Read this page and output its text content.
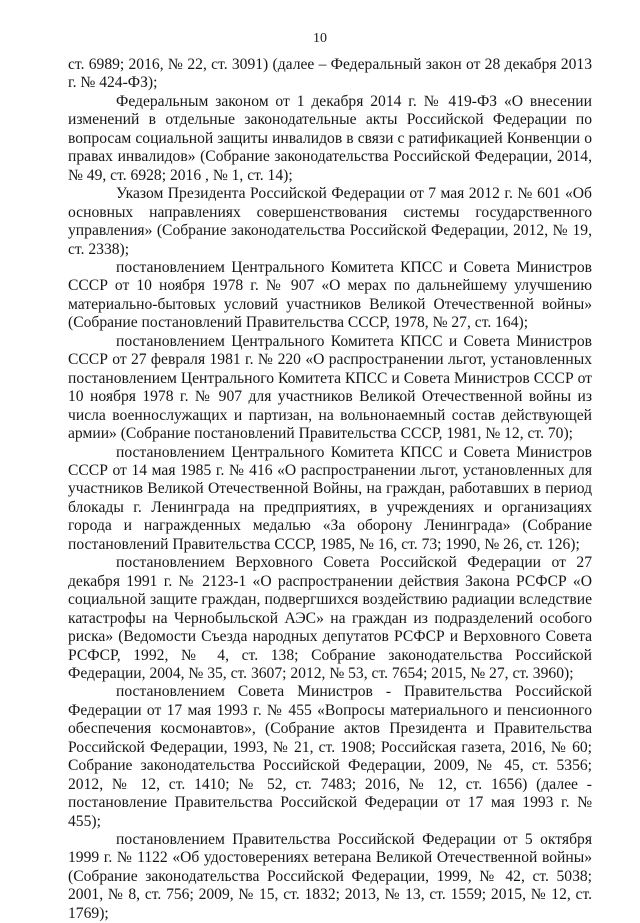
10

ст. 6989; 2016, № 22, ст. 3091) (далее – Федеральный закон от 28 декабря 2013 г. № 424-ФЗ);

Федеральным законом от 1 декабря 2014 г. № 419-ФЗ «О внесении изменений в отдельные законодательные акты Российской Федерации по вопросам социальной защиты инвалидов в связи с ратификацией Конвенции о правах инвалидов» (Собрание законодательства Российской Федерации, 2014, № 49, ст. 6928; 2016 , № 1, ст. 14);

Указом Президента Российской Федерации от 7 мая 2012 г. № 601 «Об основных направлениях совершенствования системы государственного управления» (Собрание законодательства Российской Федерации, 2012, № 19, ст. 2338);

постановлением Центрального Комитета КПСС и Совета Министров СССР от 10 ноября 1978 г. № 907 «О мерах по дальнейшему улучшению материально-бытовых условий участников Великой Отечественной войны» (Собрание постановлений Правительства СССР, 1978, № 27, ст. 164);

постановлением Центрального Комитета КПСС и Совета Министров СССР от 27 февраля 1981 г. № 220 «О распространении льгот, установленных постановлением Центрального Комитета КПСС и Совета Министров СССР от 10 ноября 1978 г. № 907 для участников Великой Отечественной войны из числа военнослужащих и партизан, на вольнонаемный состав действующей армии» (Собрание постановлений Правительства СССР, 1981, № 12, ст. 70);

постановлением Центрального Комитета КПСС и Совета Министров СССР от 14 мая 1985 г. № 416 «О распространении льгот, установленных для участников Великой Отечественной Войны, на граждан, работавших в период блокады г. Ленинграда на предприятиях, в учреждениях и организациях города и награжденных медалью «За оборону Ленинграда» (Собрание постановлений Правительства СССР, 1985, № 16, ст. 73; 1990, № 26, ст. 126);

постановлением Верховного Совета Российской Федерации от 27 декабря 1991 г. № 2123-1 «О распространении действия Закона РСФСР «О социальной защите граждан, подвергшихся воздействию радиации вследствие катастрофы на Чернобыльской АЭС» на граждан из подразделений особого риска» (Ведомости Съезда народных депутатов РСФСР и Верховного Совета РСФСР, 1992, № 4, ст. 138; Собрание законодательства Российской Федерации, 2004, № 35, ст. 3607; 2012, № 53, ст. 7654; 2015, № 27, ст. 3960);

постановлением Совета Министров - Правительства Российской Федерации от 17 мая 1993 г. № 455 «Вопросы материального и пенсионного обеспечения космонавтов», (Собрание актов Президента и Правительства Российской Федерации, 1993, № 21, ст. 1908; Российская газета, 2016, № 60; Собрание законодательства Российской Федерации, 2009, № 45, ст. 5356; 2012, № 12, ст. 1410; № 52, ст. 7483; 2016, № 12, ст. 1656) (далее - постановление Правительства Российской Федерации от 17 мая 1993 г. № 455);

постановлением Правительства Российской Федерации от 5 октября 1999 г. № 1122 «Об удостоверениях ветерана Великой Отечественной войны» (Собрание законодательства Российской Федерации, 1999, № 42, ст. 5038; 2001, № 8, ст. 756; 2009, № 15, ст. 1832; 2013, № 13, ст. 1559; 2015, № 12, ст. 1769);
